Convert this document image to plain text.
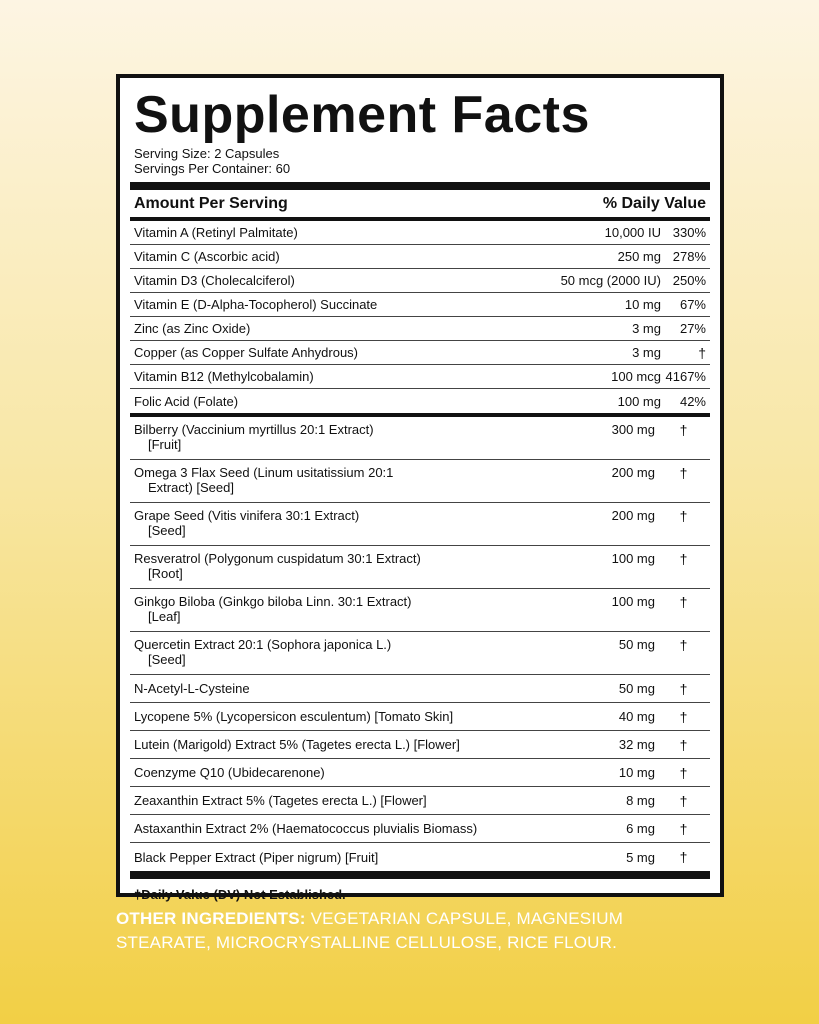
Supplement Facts
Serving Size: 2 Capsules
Servings Per Container: 60
Amount Per Serving	% Daily Value
Vitamin A (Retinyl Palmitate)	10,000 IU 330%
Vitamin C (Ascorbic acid)	250 mg 278%
Vitamin D3 (Cholecalciferol)	50 mcg (2000 IU) 250%
Vitamin E (D-Alpha-Tocopherol) Succinate	10 mg	67%
Zinc (as Zinc Oxide)	3 mg	27%
Copper (as Copper Sulfate Anhydrous)	3 mg	†
Vitamin B12 (Methylcobalamin)	100 mcg 4167%
Folic Acid (Folate)	100 mg	42%
Bilberry (Vaccinium myrtillus 20:1 Extract)
[Fruit]
300 mg	†
Omega 3 Flax Seed (Linum usitatissium 20:1
Extract) [Seed]
200 mg	†
Grape Seed (Vitis vinifera 30:1 Extract)
[Seed]
200 mg	†
Resveratrol (Polygonum cuspidatum 30:1 Extract)
[Root]
100 mg	†
Ginkgo Biloba (Ginkgo biloba Linn. 30:1 Extract)
[Leaf]
100 mg	†
Quercetin Extract 20:1 (Sophora japonica L.)
[Seed]
50 mg	†
N-Acetyl-L-Cysteine	50 mg	†
Lycopene 5% (Lycopersicon esculentum) [Tomato Skin]	40 mg	†
Lutein (Marigold) Extract 5% (Tagetes erecta L.) [Flower]	32 mg	†
Coenzyme Q10 (Ubidecarenone)	10 mg	†
Zeaxanthin Extract 5% (Tagetes erecta L.) [Flower]	8 mg	†
Astaxanthin Extract 2% (Haematococcus pluvialis Biomass)	6 mg	†
Black Pepper Extract (Piper nigrum) [Fruit]	5 mg	†
†Daily Value (DV) Not Established.
OTHER INGREDIENTS: VEGETARIAN CAPSULE, MAGNESIUM STEARATE, MICROCRYSTALLINE CELLULOSE, RICE FLOUR.
